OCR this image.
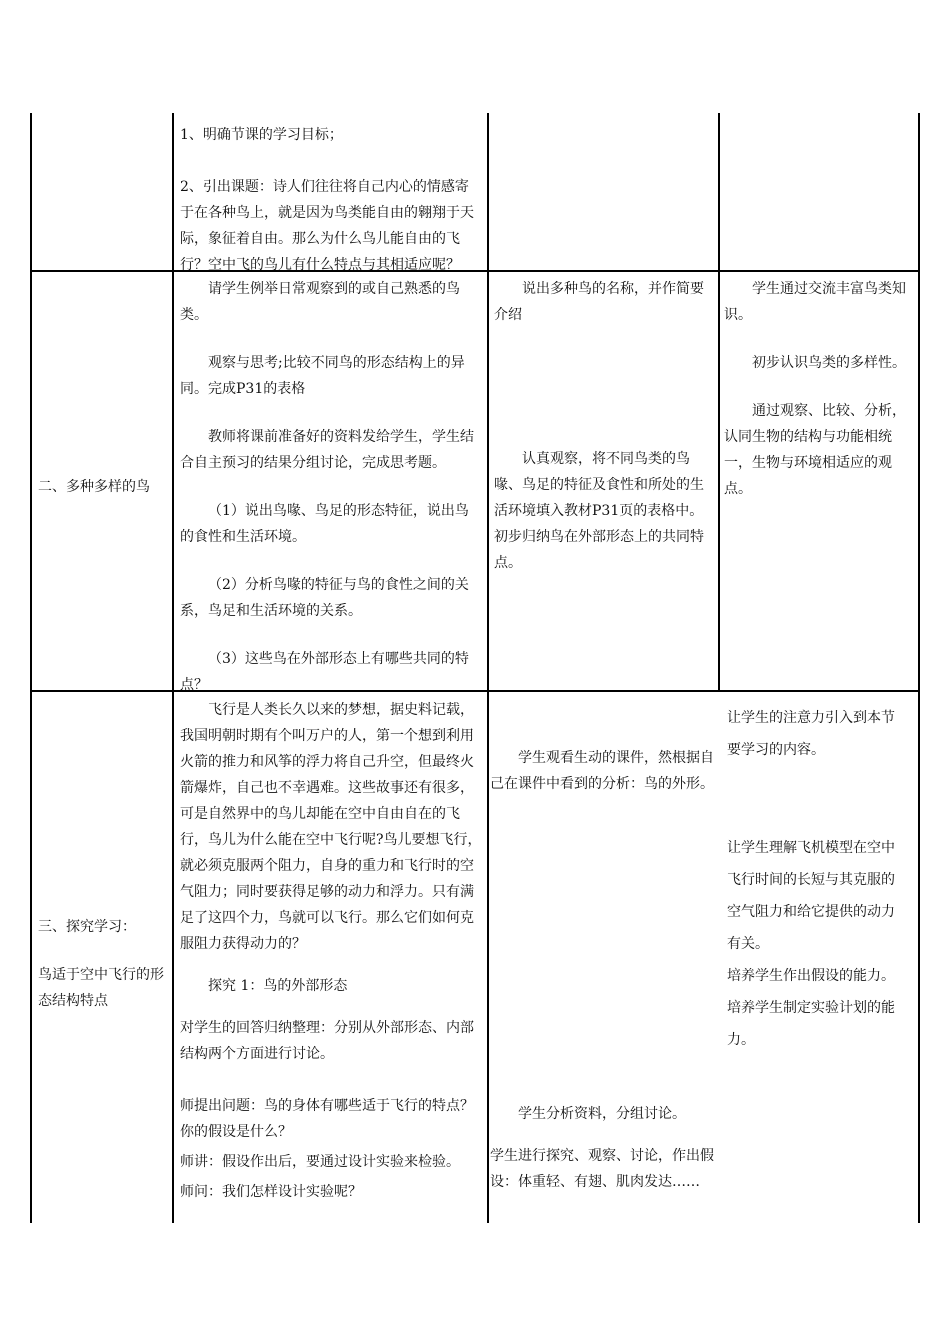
1、明确节课的学习目标；

2、引出课题：诗人们往往将自己内心的情感寄于在各种鸟上，就是因为鸟类能自由的翱翔于天际，象征着自由。那么为什么鸟儿能自由的飞行？空中飞的鸟儿有什么特点与其相适应呢？

二、多种多样的鸟

请学生例举日常观察到的或自己熟悉的鸟类。

观察与思考;比较不同鸟的形态结构上的异同。完成P31的表格

教师将课前准备好的资料发给学生，学生结合自主预习的结果分组讨论，完成思考题。

（1）说出鸟喙、鸟足的形态特征，说出鸟的食性和生活环境。

（2）分析鸟喙的特征与鸟的食性之间的关系，鸟足和生活环境的关系。

（3）这些鸟在外部形态上有哪些共同的特点？

说出多种鸟的名称，并作简要介绍

认真观察，将不同鸟类的鸟喙、鸟足的特征及食性和所处的生活环境填入教材P31页的表格中。初步归纳鸟在外部形态上的共同特点。

学生通过交流丰富鸟类知识。

初步认识鸟类的多样性。

通过观察、比较、分析，认同生物的结构与功能相统一，生物与环境相适应的观点。

三、探究学习：

鸟适于空中飞行的形态结构特点

飞行是人类长久以来的梦想，据史料记载，我国明朝时期有个叫万户的人，第一个想到利用火箭的推力和风筝的浮力将自己升空，但最终火箭爆炸，自己也不幸遇难。这些故事还有很多，可是自然界中的鸟儿却能在空中自由自在的飞行，鸟儿为什么能在空中飞行呢?鸟儿要想飞行，就必须克服两个阻力，自身的重力和飞行时的空气阻力；同时要获得足够的动力和浮力。只有满足了这四个力，鸟就可以飞行。那么它们如何克服阻力获得动力的？

探究 1：鸟的外部形态

对学生的回答归纳整理：分别从外部形态、内部结构两个方面进行讨论。

师提出问题：鸟的身体有哪些适于飞行的特点？你的假设是什么？

师讲：假设作出后，要通过设计实验来检验。

师问：我们怎样设计实验呢？

学生观看生动的课件，然根据自己在课件中看到的分析：鸟的外形。

学生分析资料，分组讨论。

学生进行探究、观察、讨论，作出假设：体重轻、有翅、肌肉发达……

让学生的注意力引入到本节要学习的内容。

让学生理解飞机模型在空中飞行时间的长短与其克服的空气阻力和给它提供的动力有关。

培养学生作出假设的能力。

培养学生制定实验计划的能力。
